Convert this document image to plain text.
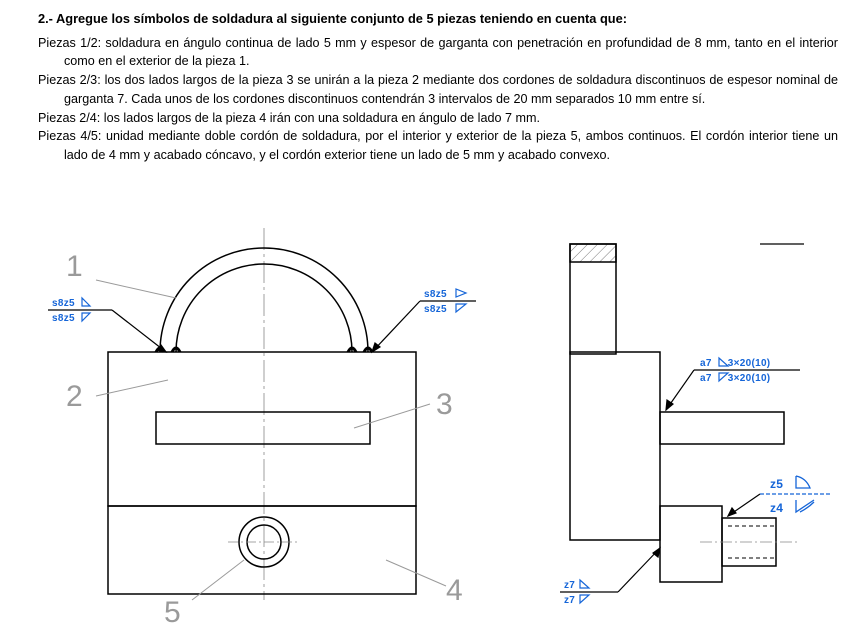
2.- Agregue los símbolos de soldadura al siguiente conjunto de 5 piezas teniendo en cuenta que:

Piezas 1/2: soldadura en ángulo continua de lado 5 mm y espesor de garganta con penetración en profundidad de 8 mm, tanto en el interior como en el exterior de la pieza 1.

Piezas 2/3: los dos lados largos de la pieza 3 se unirán a la pieza 2 mediante dos cordones de soldadura discontinuos de espesor nominal de garganta 7. Cada unos de los cordones discontinuos contendrán 3 intervalos de 20 mm separados 10 mm entre sí.

Piezas 2/4: los lados largos de la pieza 4 irán con una soldadura en ángulo de lado 7 mm.

Piezas 4/5: unidad mediante doble cordón de soldadura, por el interior y exterior de la pieza 5, ambos continuos. El cordón interior tiene un lado de 4 mm y acabado cóncavo, y el cordón exterior tiene un lado de 5 mm y acabado convexo.

1
2	3
4
5
s8z5
s8z5
s8z5
s8z5
a7 3×20(10)
a7 3×20(10)
z5
z4
z7
z7
